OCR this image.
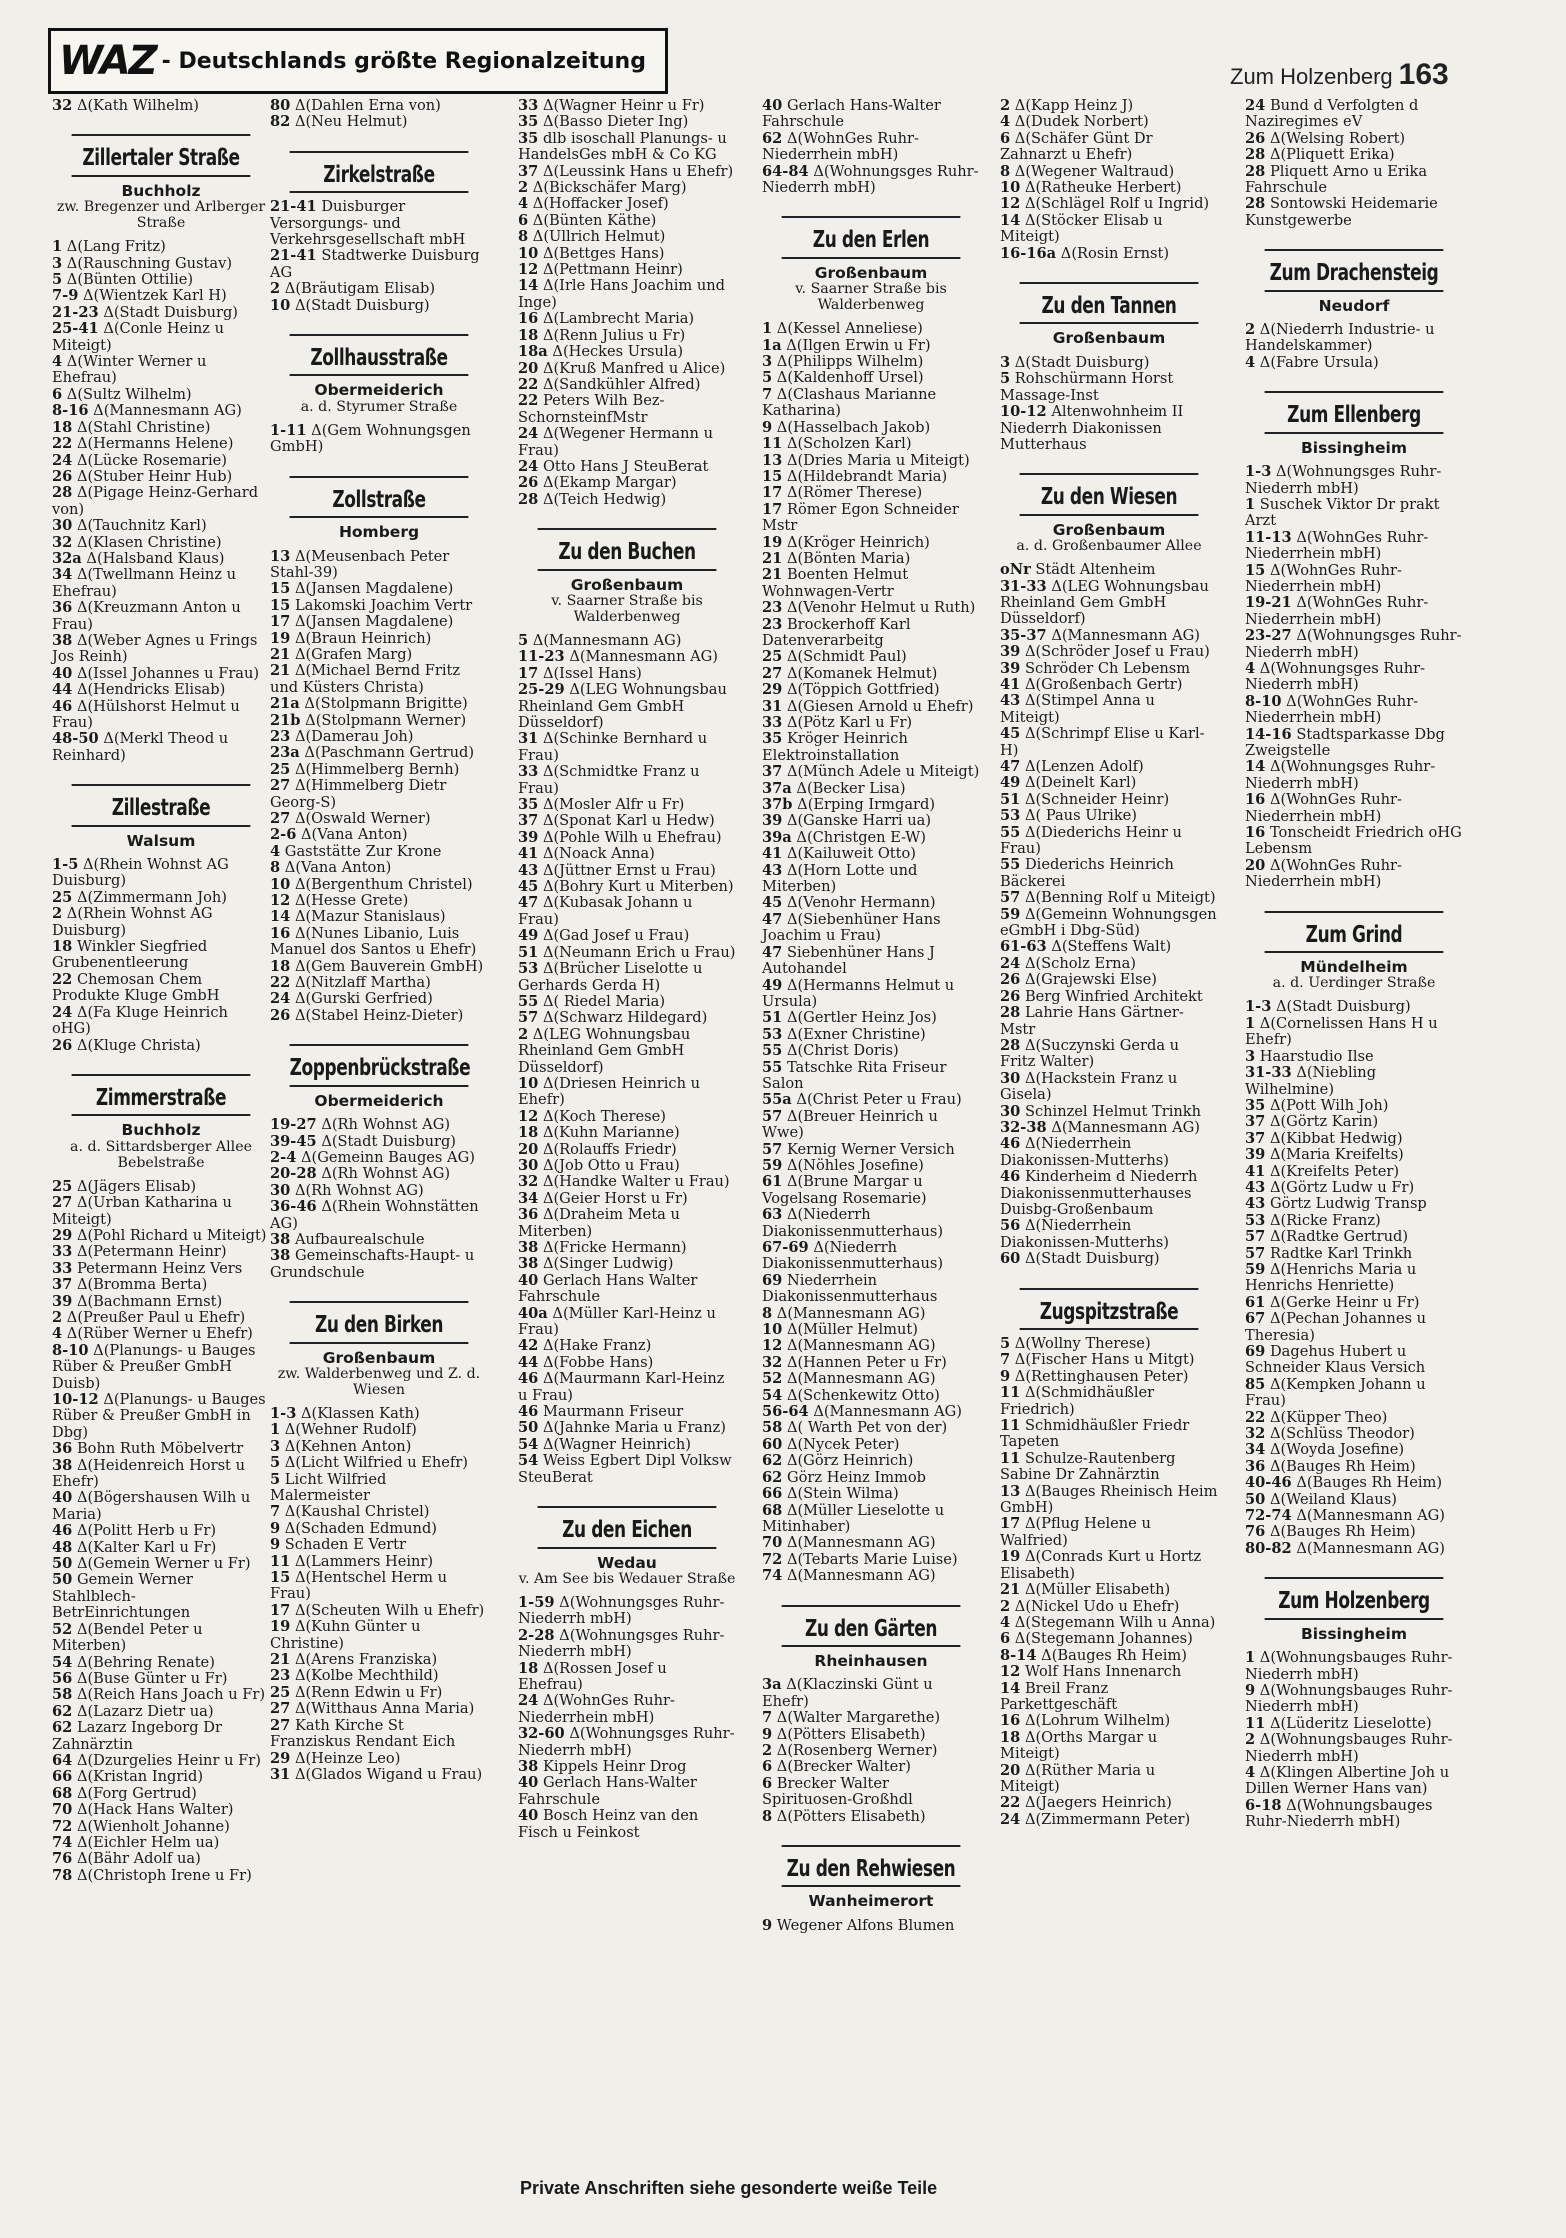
WAZ - Deutschlands größte Regionalzeitung
Zum Holzenberg 163
32 Δ(Kath Wilhelm)
Zillertaler Straße
Buchholz
zw. Bregenzer und Arlberger Straße
1 Δ(Lang Fritz)
3 Δ(Rauschning Gustav)
5 Δ(Bünten Ottilie)
7-9 Δ(Wientzek Karl H)
21-23 Δ(Stadt Duisburg)
25-41 Δ(Conle Heinz u Miteigt)
4 Δ(Winter Werner u Ehefrau)
6 Δ(Sultz Wilhelm)
8-16 Δ(Mannesmann AG)
18 Δ(Stahl Christine)
22 Δ(Hermanns Helene)
24 Δ(Lücke Rosemarie)
26 Δ(Stuber Heinr Hub)
28 Δ(Pigage Heinz-Gerhard von)
30 Δ(Tauchnitz Karl)
32 Δ(Klasen Christine)
32a Δ(Halsband Klaus)
34 Δ(Twellmann Heinz u Ehefrau)
36 Δ(Kreuzmann Anton u Frau)
38 Δ(Weber Agnes u Frings Jos Reinh)
40 Δ(Issel Johannes u Frau)
44 Δ(Hendricks Elisab)
46 Δ(Hülshorst Helmut u Frau)
48-50 Δ(Merkl Theod u Reinhard)
Zillestraße
Walsum
1-5 Δ(Rhein Wohnst AG Duisburg)
25 Δ(Zimmermann Joh)
2 Δ(Rhein Wohnst AG Duisburg)
18 Winkler Siegfried Grubenentleerung
22 Chemosan Chem Produkte Kluge GmbH
24 Δ(Fa Kluge Heinrich oHG)
26 Δ(Kluge Christa)
Zimmerstraße
Buchholz
a. d. Sittardsberger Allee Bebelstraße
25 Δ(Jägers Elisab)
27 Δ(Urban Katharina u Miteigt)
29 Δ(Pohl Richard u Miteigt)
33 Δ(Petermann Heinr)
33 Petermann Heinz Vers
37 Δ(Bromma Berta)
39 Δ(Bachmann Ernst)
2 Δ(Preußer Paul u Ehefr)
4 Δ(Rüber Werner u Ehefr)
8-10 Δ(Planungs- u Bauges Rüber & Preußer GmbH Duisb)
10-12 Δ(Planungs- u Bauges Rüber & Preußer GmbH in Dbg)
36 Bohn Ruth Möbelvertr
38 Δ(Heidenreich Horst u Ehefr)
40 Δ(Bögershausen Wilh u Maria)
46 Δ(Politt Herb u Fr)
48 Δ(Kalter Karl u Fr)
50 Δ(Gemein Werner u Fr)
50 Gemein Werner Stahlblech-BetrEinrichtungen
52 Δ(Bendel Peter u Miterben)
54 Δ(Behring Renate)
56 Δ(Buse Günter u Fr)
58 Δ(Reich Hans Joach u Fr)
62 Δ(Lazarz Dietr ua)
62 Lazarz Ingeborg Dr Zahnärztin
64 Δ(Dzurgelies Heinr u Fr)
66 Δ(Kristan Ingrid)
68 Δ(Forg Gertrud)
70 Δ(Hack Hans Walter)
72 Δ(Wienholt Johanne)
74 Δ(Eichler Helm ua)
76 Δ(Bähr Adolf ua)
78 Δ(Christoph Irene u Fr)
80 Δ(Dahlen Erna von)
82 Δ(Neu Helmut)
Zirkelstraße
21-41 Duisburger Versorgungs- und Verkehrsgesellschaft mbH
21-41 Stadtwerke Duisburg AG
2 Δ(Bräutigam Elisab)
10 Δ(Stadt Duisburg)
Zollhausstraße
Obermeiderich
a. d. Styrumer Straße
1-11 Δ(Gem Wohnungsgen GmbH)
Zollstraße
Homberg
13 Δ(Meusenbach Peter Stahl-39)
15 Δ(Jansen Magdalene)
15 Lakomski Joachim Vertr
17 Δ(Jansen Magdalene)
19 Δ(Braun Heinrich)
21 Δ(Grafen Marg)
21 Δ(Michael Bernd Fritz und Küsters Christa)
21a Δ(Stolpmann Brigitte)
21b Δ(Stolpmann Werner)
23 Δ(Damerau Joh)
23a Δ(Paschmann Gertrud)
25 Δ(Himmelberg Bernh)
27 Δ(Himmelberg Dietr Georg-S)
27 Δ(Oswald Werner)
2-6 Δ(Vana Anton)
4 Gaststätte Zur Krone
8 Δ(Vana Anton)
10 Δ(Bergenthum Christel)
12 Δ(Hesse Grete)
14 Δ(Mazur Stanislaus)
16 Δ(Nunes Libanio, Luis Manuel dos Santos u Ehefr)
18 Δ(Gem Bauverein GmbH)
22 Δ(Nitzlaff Martha)
24 Δ(Gurski Gerfried)
26 Δ(Stabel Heinz-Dieter)
Zoppenbrückstraße
Obermeiderich
19-27 Δ(Rh Wohnst AG)
39-45 Δ(Stadt Duisburg)
2-4 Δ(Gemeinn Bauges AG)
20-28 Δ(Rh Wohnst AG)
30 Δ(Rh Wohnst AG)
36-46 Δ(Rhein Wohnstätten AG)
38 Aufbaurealschule
38 Gemeinschafts-Haupt- u Grundschule
Zu den Birken
Großenbaum
zw. Walderbenweg und Z. d. Wiesen
1-3 Δ(Klassen Kath)
1 Δ(Wehner Rudolf)
3 Δ(Kehnen Anton)
5 Δ(Licht Wilfried u Ehefr)
5 Licht Wilfried Malermeister
7 Δ(Kaushal Christel)
9 Δ(Schaden Edmund)
9 Schaden E Vertr
11 Δ(Lammers Heinr)
15 Δ(Hentschel Herm u Frau)
17 Δ(Scheuten Wilh u Ehefr)
19 Δ(Kuhn Günter u Christine)
21 Δ(Arens Franziska)
23 Δ(Kolbe Mechthild)
25 Δ(Renn Edwin u Fr)
27 Δ(Witthaus Anna Maria)
27 Kath Kirche St Franziskus Rendant Eich
29 Δ(Heinze Leo)
31 Δ(Glados Wigand u Frau)
33 Δ(Wagner Heinr u Fr)
35 Δ(Basso Dieter Ing)
35 dlb isoschall Planungs- u HandelsGes mbH & Co KG
37 Δ(Leussink Hans u Ehefr)
2 Δ(Bickschäfer Marg)
4 Δ(Hoffacker Josef)
6 Δ(Bünten Käthe)
8 Δ(Ullrich Helmut)
10 Δ(Bettges Hans)
12 Δ(Pettmann Heinr)
14 Δ(Irle Hans Joachim und Inge)
16 Δ(Lambrecht Maria)
18 Δ(Renn Julius u Fr)
18a Δ(Heckes Ursula)
20 Δ(Kruß Manfred u Alice)
22 Δ(Sandkühler Alfred)
22 Peters Wilh Bez-SchornsteinfMstr
24 Δ(Wegener Hermann u Frau)
24 Otto Hans J SteuBerat
26 Δ(Ekamp Margar)
28 Δ(Teich Hedwig)
Zu den Buchen
Großenbaum
v. Saarner Straße bis Walderbenweg
5 Δ(Mannesmann AG)
11-23 Δ(Mannesmann AG)
17 Δ(Issel Hans)
25-29 Δ(LEG Wohnungsbau Rheinland Gem GmbH Düsseldorf)
31 Δ(Schinke Bernhard u Frau)
33 Δ(Schmidtke Franz u Frau)
35 Δ(Mosler Alfr u Fr)
37 Δ(Sponat Karl u Hedw)
39 Δ(Pohle Wilh u Ehefrau)
41 Δ(Noack Anna)
43 Δ(Jüttner Ernst u Frau)
45 Δ(Bohry Kurt u Miterben)
47 Δ(Kubasak Johann u Frau)
49 Δ(Gad Josef u Frau)
51 Δ(Neumann Erich u Frau)
53 Δ(Brücher Liselotte u Gerhards Gerda H)
55 Δ( Riedel Maria)
57 Δ(Schwarz Hildegard)
2 Δ(LEG Wohnungsbau Rheinland Gem GmbH Düsseldorf)
10 Δ(Driesen Heinrich u Ehefr)
12 Δ(Koch Therese)
18 Δ(Kuhn Marianne)
20 Δ(Rolauffs Friedr)
30 Δ(Job Otto u Frau)
32 Δ(Handke Walter u Frau)
34 Δ(Geier Horst u Fr)
36 Δ(Draheim Meta u Miterben)
38 Δ(Fricke Hermann)
38 Δ(Singer Ludwig)
40 Gerlach Hans Walter Fahrschule
40a Δ(Müller Karl-Heinz u Frau)
42 Δ(Hake Franz)
44 Δ(Fobbe Hans)
46 Δ(Maurmann Karl-Heinz u Frau)
46 Maurmann Friseur
50 Δ(Jahnke Maria u Franz)
54 Δ(Wagner Heinrich)
54 Weiss Egbert Dipl Volksw SteuBerat
Zu den Eichen
Wedau
v. Am See bis Wedauer Straße
1-59 Δ(Wohnungsges Ruhr-Niederrh mbH)
2-28 Δ(Wohnungsges Ruhr-Niederrh mbH)
18 Δ(Rossen Josef u Ehefrau)
24 Δ(WohnGes Ruhr-Niederrhein mbH)
32-60 Δ(Wohnungsges Ruhr-Niederrh mbH)
38 Kippels Heinr Drog
40 Gerlach Hans-Walter Fahrschule
40 Bosch Heinz van den Fisch u Feinkost
40 Gerlach Hans-Walter Fahrschule
62 Δ(WohnGes Ruhr-Niederrhein mbH)
64-84 Δ(Wohnungsges Ruhr-Niederrh mbH)
Zu den Erlen
Großenbaum
v. Saarner Straße bis Walderbenweg
1 Δ(Kessel Anneliese)
1a Δ(Ilgen Erwin u Fr)
3 Δ(Philipps Wilhelm)
5 Δ(Kaldenhoff Ursel)
7 Δ(Clashaus Marianne Katharina)
9 Δ(Hasselbach Jakob)
11 Δ(Scholzen Karl)
13 Δ(Dries Maria u Miteigt)
15 Δ(Hildebrandt Maria)
17 Δ(Römer Therese)
17 Römer Egon Schneider Mstr
19 Δ(Kröger Heinrich)
21 Δ(Bönten Maria)
21 Boenten Helmut Wohnwagen-Vertr
23 Δ(Venohr Helmut u Ruth)
23 Brockerhoff Karl Datenverarbeitg
25 Δ(Schmidt Paul)
27 Δ(Komanek Helmut)
29 Δ(Töppich Gottfried)
31 Δ(Giesen Arnold u Ehefr)
33 Δ(Pötz Karl u Fr)
35 Kröger Heinrich Elektroinstallation
37 Δ(Münch Adele u Miteigt)
37a Δ(Becker Lisa)
37b Δ(Erping Irmgard)
39 Δ(Ganske Harri ua)
39a Δ(Christgen E-W)
41 Δ(Kailuweit Otto)
43 Δ(Horn Lotte und Miterben)
45 Δ(Venohr Hermann)
47 Δ(Siebenhüner Hans Joachim u Frau)
47 Siebenhüner Hans J Autohandel
49 Δ(Hermanns Helmut u Ursula)
51 Δ(Gertler Heinz Jos)
53 Δ(Exner Christine)
55 Δ(Christ Doris)
55 Tatschke Rita Friseur Salon
55a Δ(Christ Peter u Frau)
57 Δ(Breuer Heinrich u Wwe)
57 Kernig Werner Versich
59 Δ(Nöhles Josefine)
61 Δ(Brune Margar u Vogelsang Rosemarie)
63 Δ(Niederrh Diakonissenmutterhaus)
67-69 Δ(Niederrh Diakonissenmutterhaus)
69 Niederrhein Diakonissenmutterhaus
8 Δ(Mannesmann AG)
10 Δ(Müller Helmut)
12 Δ(Mannesmann AG)
32 Δ(Hannen Peter u Fr)
52 Δ(Mannesmann AG)
54 Δ(Schenkewitz Otto)
56-64 Δ(Mannesmann AG)
58 Δ( Warth Pet von der)
60 Δ(Nycek Peter)
62 Δ(Görz Heinrich)
62 Görz Heinz Immob
66 Δ(Stein Wilma)
68 Δ(Müller Lieselotte u Mitinhaber)
70 Δ(Mannesmann AG)
72 Δ(Tebarts Marie Luise)
74 Δ(Mannesmann AG)
Zu den Gärten
Rheinhausen
3a Δ(Klaczinski Günt u Ehefr)
7 Δ(Walter Margarethe)
9 Δ(Pötters Elisabeth)
2 Δ(Rosenberg Werner)
6 Δ(Brecker Walter)
6 Brecker Walter Spirituosen-Großhdl
8 Δ(Pötters Elisabeth)
Zu den Rehwiesen
Wanheimerort
9 Wegener Alfons Blumen
2 Δ(Kapp Heinz J)
4 Δ(Dudek Norbert)
6 Δ(Schäfer Günt Dr Zahnarzt u Ehefr)
8 Δ(Wegener Waltraud)
10 Δ(Ratheuke Herbert)
12 Δ(Schlägel Rolf u Ingrid)
14 Δ(Stöcker Elisab u Miteigt)
16-16a Δ(Rosin Ernst)
Zu den Tannen
Großenbaum
3 Δ(Stadt Duisburg)
5 Rohschürmann Horst Massage-Inst
10-12 Altenwohnheim II Niederrh Diakonissen Mutterhaus
Zu den Wiesen
Großenbaum
a. d. Großenbaumer Allee
oNr Städt Altenheim
31-33 Δ(LEG Wohnungsbau Rheinland Gem GmbH Düsseldorf)
35-37 Δ(Mannesmann AG)
39 Δ(Schröder Josef u Frau)
39 Schröder Ch Lebensm
41 Δ(Großenbach Gertr)
43 Δ(Stimpel Anna u Miteigt)
45 Δ(Schrimpf Elise u Karl-H)
47 Δ(Lenzen Adolf)
49 Δ(Deinelt Karl)
51 Δ(Schneider Heinr)
53 Δ( Paus Ulrike)
55 Δ(Diederichs Heinr u Frau)
55 Diederichs Heinrich Bäckerei
57 Δ(Benning Rolf u Miteigt)
59 Δ(Gemeinn Wohnungsgen eGmbH i Dbg-Süd)
61-63 Δ(Steffens Walt)
24 Δ(Scholz Erna)
26 Δ(Grajewski Else)
26 Berg Winfried Architekt
28 Lahrie Hans Gärtner-Mstr
28 Δ(Suczynski Gerda u Fritz Walter)
30 Δ(Hackstein Franz u Gisela)
30 Schinzel Helmut Trinkh
32-38 Δ(Mannesmann AG)
46 Δ(Niederrhein Diakonissen-Mutterhs)
46 Kinderheim d Niederrh Diakonissenmutterhauses Duisbg-Großenbaum
56 Δ(Niederrhein Diakonissen-Mutterhs)
60 Δ(Stadt Duisburg)
Zugspitzstraße
5 Δ(Wollny Therese)
7 Δ(Fischer Hans u Mitgt)
9 Δ(Rettinghausen Peter)
11 Δ(Schmidhäußler Friedrich)
11 Schmidhäußler Friedr Tapeten
11 Schulze-Rautenberg Sabine Dr Zahnärztin
13 Δ(Bauges Rheinisch Heim GmbH)
17 Δ(Pflug Helene u Walfried)
19 Δ(Conrads Kurt u Hortz Elisabeth)
21 Δ(Müller Elisabeth)
2 Δ(Nickel Udo u Ehefr)
4 Δ(Stegemann Wilh u Anna)
6 Δ(Stegemann Johannes)
8-14 Δ(Bauges Rh Heim)
12 Wolf Hans Innenarch
14 Breil Franz Parkettgeschäft
16 Δ(Lohrum Wilhelm)
18 Δ(Orths Margar u Miteigt)
20 Δ(Rüther Maria u Miteigt)
22 Δ(Jaegers Heinrich)
24 Δ(Zimmermann Peter)
24 Bund d Verfolgten d Naziregimes eV
26 Δ(Welsing Robert)
28 Δ(Pliquett Erika)
28 Pliquett Arno u Erika Fahrschule
28 Sontowski Heidemarie Kunstgewerbe
Zum Drachensteig
Neudorf
2 Δ(Niederrh Industrie- u Handelskammer)
4 Δ(Fabre Ursula)
Zum Ellenberg
Bissingheim
1-3 Δ(Wohnungsges Ruhr-Niederrh mbH)
1 Suschek Viktor Dr prakt Arzt
11-13 Δ(WohnGes Ruhr-Niederrhein mbH)
15 Δ(WohnGes Ruhr-Niederrhein mbH)
19-21 Δ(WohnGes Ruhr-Niederrhein mbH)
23-27 Δ(Wohnungsges Ruhr-Niederrh mbH)
4 Δ(Wohnungsges Ruhr-Niederrh mbH)
8-10 Δ(WohnGes Ruhr-Niederrhein mbH)
14-16 Stadtsparkasse Dbg Zweigstelle
14 Δ(Wohnungsges Ruhr-Niederrh mbH)
16 Δ(WohnGes Ruhr-Niederrhein mbH)
16 Tonscheidt Friedrich oHG Lebensm
20 Δ(WohnGes Ruhr-Niederrhein mbH)
Zum Grind
Mündelheim
a. d. Uerdinger Straße
1-3 Δ(Stadt Duisburg)
1 Δ(Cornelissen Hans H u Ehefr)
3 Haarstudio Ilse
31-33 Δ(Niebling Wilhelmine)
35 Δ(Pott Wilh Joh)
37 Δ(Görtz Karin)
37 Δ(Kibbat Hedwig)
39 Δ(Maria Kreifelts)
41 Δ(Kreifelts Peter)
43 Δ(Görtz Ludw u Fr)
43 Görtz Ludwig Transp
53 Δ(Ricke Franz)
57 Δ(Radtke Gertrud)
57 Radtke Karl Trinkh
59 Δ(Henrichs Maria u Henrichs Henriette)
61 Δ(Gerke Heinr u Fr)
67 Δ(Pechan Johannes u Theresia)
69 Dagehus Hubert u Schneider Klaus Versich
85 Δ(Kempken Johann u Frau)
22 Δ(Küpper Theo)
32 Δ(Schlüss Theodor)
34 Δ(Woyda Josefine)
36 Δ(Bauges Rh Heim)
40-46 Δ(Bauges Rh Heim)
50 Δ(Weiland Klaus)
72-74 Δ(Mannesmann AG)
76 Δ(Bauges Rh Heim)
80-82 Δ(Mannesmann AG)
Zum Holzenberg
Bissingheim
1 Δ(Wohnungsbauges Ruhr-Niederrh mbH)
9 Δ(Wohnungsbauges Ruhr-Niederrh mbH)
11 Δ(Lüderitz Lieselotte)
2 Δ(Wohnungsbauges Ruhr-Niederrh mbH)
4 Δ(Klingen Albertine Joh u Dillen Werner Hans van)
6-18 Δ(Wohnungsbauges Ruhr-Niederrh mbH)
Private Anschriften siehe gesonderte weiße Teile
